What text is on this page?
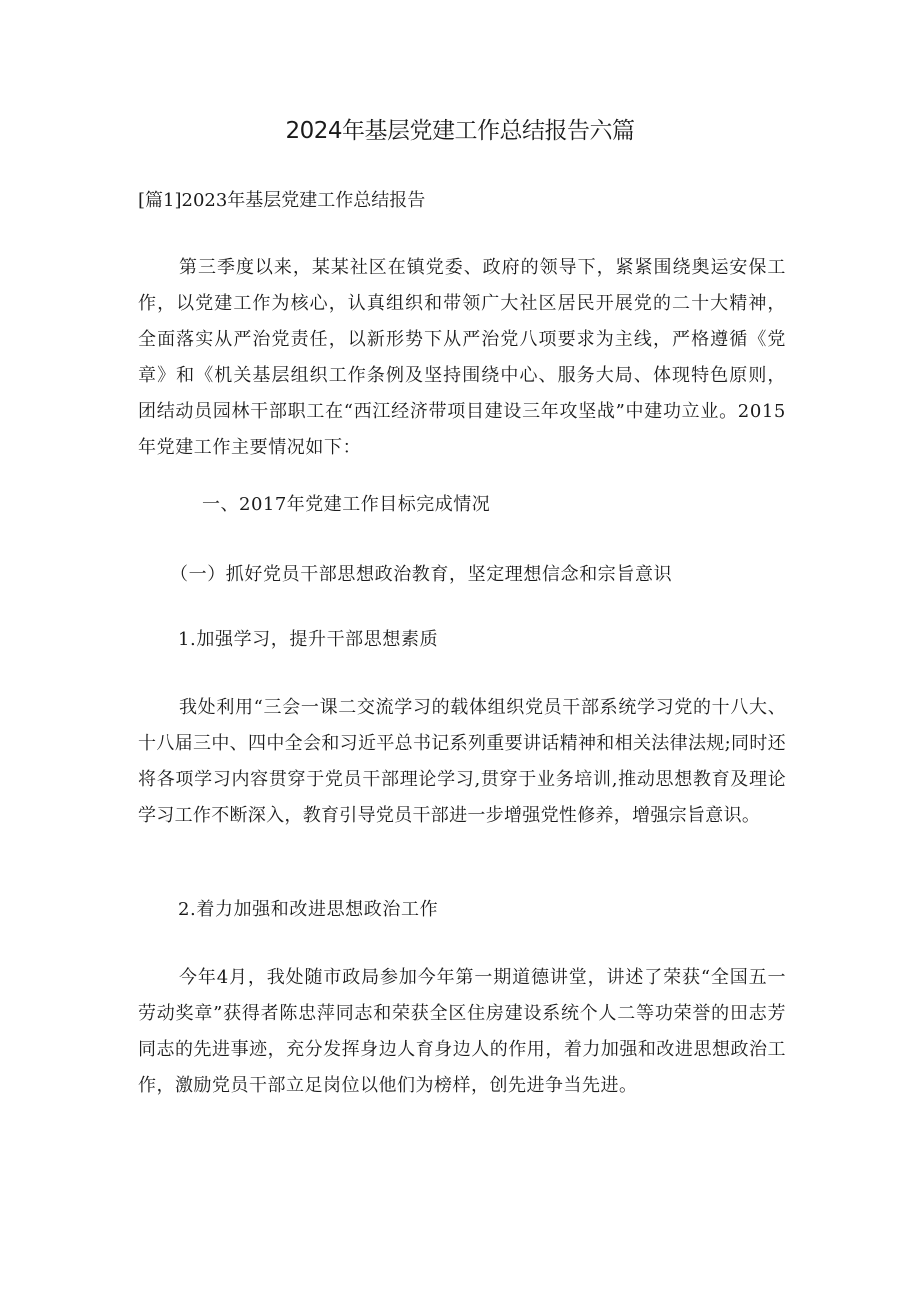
2024年基层党建工作总结报告六篇

[篇1]2023年基层党建工作总结报告

第三季度以来，某某社区在镇党委、政府的领导下，紧紧围绕奥运安保工作，以党建工作为核心，认真组织和带领广大社区居民开展党的二十大精神，全面落实从严治党责任，以新形势下从严治党八项要求为主线，严格遵循《党章》和《机关基层组织工作条例及坚持围绕中心、服务大局、体现特色原则，团结动员园林干部职工在“西江经济带项目建设三年攻坚战”中建功立业。2015年党建工作主要情况如下：

一、2017年党建工作目标完成情况

（一）抓好党员干部思想政治教育，坚定理想信念和宗旨意识

1.加强学习，提升干部思想素质

我处利用“三会一课二交流学习的载体组织党员干部系统学习党的十八大、十八届三中、四中全会和习近平总书记系列重要讲话精神和相关法律法规;同时还将各项学习内容贯穿于党员干部理论学习,贯穿于业务培训,推动思想教育及理论学习工作不断深入，教育引导党员干部进一步增强党性修养，增强宗旨意识。

2.着力加强和改进思想政治工作

今年4月，我处随市政局参加今年第一期道德讲堂，讲述了荣获“全国五一劳动奖章”获得者陈忠萍同志和荣获全区住房建设系统个人二等功荣誉的田志芳同志的先进事迹，充分发挥身边人育身边人的作用，着力加强和改进思想政治工作，激励党员干部立足岗位以他们为榜样，创先进争当先进。
